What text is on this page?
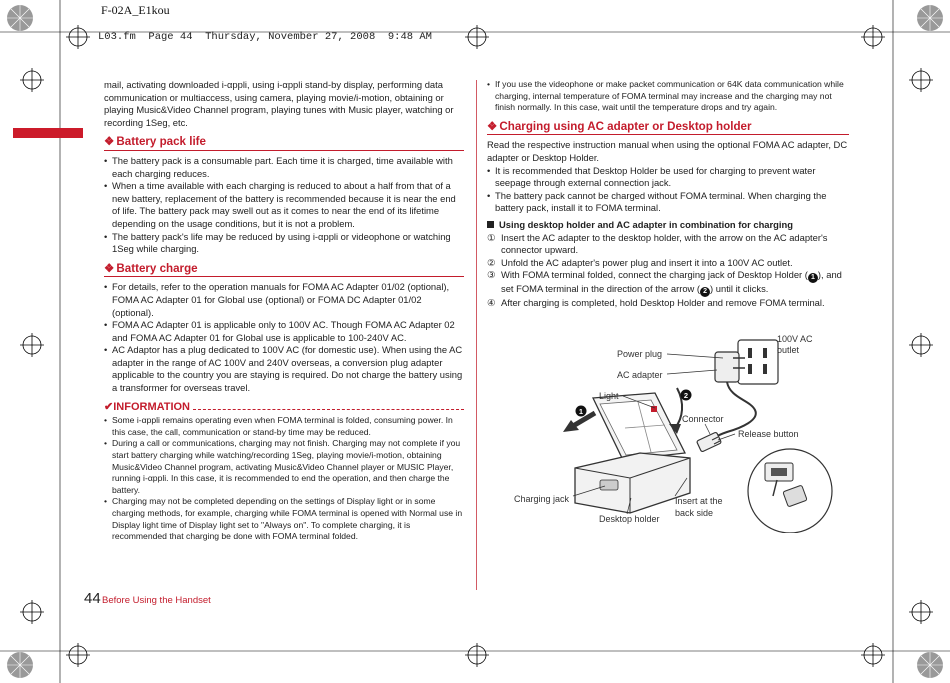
F-02A_E1kou
L03.fm  Page 44  Thursday, November 27, 2008  9:48 AM

mail, activating downloaded i-αppli, using i-αppli stand-by display, performing data communication or multiaccess, using camera, playing movie/i-motion, obtaining or playing Music&Video Channel program, playing tunes with Music player, watching or recording 1Seg, etc.

❖ Battery pack life
• The battery pack is a consumable part. Each time it is charged, time available with each charging reduces.
• When a time available with each charging is reduced to about a half from that of a new battery, replacement of the battery is recommended because it is near the end of life. The battery pack may swell out as it comes to near the end of its lifetime depending on the usage conditions, but it is not a problem.
• The battery pack's life may be reduced by using i-αppli or videophone or watching 1Seg while charging.
❖ Battery charge
• For details, refer to the operation manuals for FOMA AC Adapter 01/02 (optional), FOMA AC Adapter 01 for Global use (optional) or FOMA DC Adapter 01/02 (optional).
• FOMA AC Adapter 01 is applicable only to 100V AC. Though FOMA AC Adapter 02 and FOMA AC Adapter 01 for Global use is applicable to 100-240V AC.
• AC Adaptor has a plug dedicated to 100V AC (for domestic use). When using the AC adapter in the range of AC 100V and 240V overseas, a conversion plug adapter applicable to the country you are staying is required. Do not charge the battery using a transformer for overseas travel.
✔ INFORMATION
• Some i-αppli remains operating even when FOMA terminal is folded, consuming power. In this case, the call, communication or stand-by time may be reduced.
• During a call or communications, charging may not finish. Charging may not complete if you start battery charging while watching/recording 1Seg, playing movie/i-motion, obtaining Music&Video Channel program, activating Music&Video Channel player or MUSIC Player, running i-αppli. In this case, it is recommended to end the operation, and then charge the battery.
• Charging may not be completed depending on the settings of Display light or in some charging methods, for example, charging while FOMA terminal is opened with Normal use in Display light time of Display light set to "Always on". To complete charging, it is recommended that charging be done with FOMA terminal folded.
• If you use the videophone or make packet communication or 64K data communication while charging, internal temperature of FOMA terminal may increase and the charging may not finish normally. In this case, wait until the temperature drops and try again.
❖ Charging using AC adapter or Desktop holder

Read the respective instruction manual when using the optional FOMA AC adapter, DC adapter or Desktop Holder.

• It is recommended that Desktop Holder be used for charging to prevent water seepage through external connection jack.
• The battery pack cannot be charged without FOMA terminal. When charging the battery pack, install it to FOMA terminal.
Using desktop holder and AC adapter in combination for charging
① Insert the AC adapter to the desktop holder, with the arrow on the AC adapter's connector upward.
② Unfold the AC adapter's power plug and insert it into a 100V AC outlet.
③ With FOMA terminal folded, connect the charging jack of Desktop Holder ( 1 ), and set FOMA terminal in the direction of the arrow ( 2 ) until it clicks.
④ After charging is completed, hold Desktop Holder and remove FOMA terminal.
1
2
100V AC
outlet
Power plug
AC adapter
Light
Connector
Release button
Charging jack
Desktop holder
Insert at the
back side
44 Before Using the Handset
